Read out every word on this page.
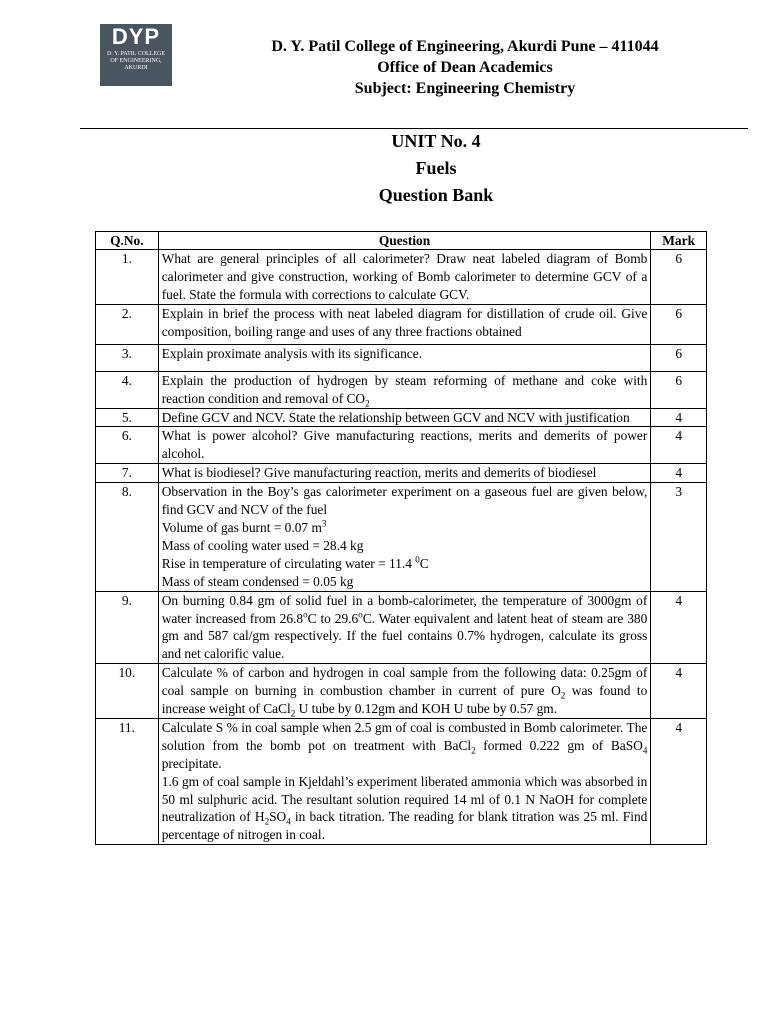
DYP
D. Y. PATIL COLLEGE OF ENGINEERING, AKURDI
D. Y. Patil College of Engineering, Akurdi Pune – 411044
Office of Dean Academics
Subject: Engineering Chemistry
UNIT No. 4
Fuels
Question Bank
Q.No.	Question	Mark
1.	What are general principles of all calorimeter? Draw neat labeled diagram of Bomb calorimeter and give construction, working of Bomb calorimeter to determine GCV of a fuel. State the formula with corrections to calculate GCV.	6
2.	Explain in brief the process with neat labeled diagram for distillation of crude oil. Give composition, boiling range and uses of any three fractions obtained	6
3.	Explain proximate analysis with its significance.	6
4.	Explain the production of hydrogen by steam reforming of methane and coke with reaction condition and removal of $CO_2$	6
5.	Define GCV and NCV. State the relationship between GCV and NCV with justification	4
6.	What is power alcohol? Give manufacturing reactions, merits and demerits of power alcohol.	4
7.	What is biodiesel? Give manufacturing reaction, merits and demerits of biodiesel	4
8.	Observation in the Boy’s gas calorimeter experiment on a gaseous fuel are given below, find GCV and NCV of the fuel
Volume of gas burnt = 0.07 $m^3$
Mass of cooling water used = 28.4 kg
Rise in temperature of circulating water = 11.4 $^0$C
Mass of steam condensed = 0.05 kg	3
9.	On burning 0.84 gm of solid fuel in a bomb-calorimeter, the temperature of 3000gm of water increased from 26.8$^o$C to 29.6$^o$C. Water equivalent and latent heat of steam are 380 gm and 587 cal/gm respectively. If the fuel contains 0.7% hydrogen, calculate its gross and net calorific value.	4
10.	Calculate % of carbon and hydrogen in coal sample from the following data: 0.25gm of coal sample on burning in combustion chamber in current of pure $O_2$ was found to increase weight of CaCl$_2$ U tube by 0.12gm and KOH U tube by 0.57 gm.	4
11.	Calculate S % in coal sample when 2.5 gm of coal is combusted in Bomb calorimeter. The solution from the bomb pot on treatment with BaCl$_2$ formed 0.222 gm of BaSO$_4$ precipitate.
1.6 gm of coal sample in Kjeldahl’s experiment liberated ammonia which was absorbed in 50 ml sulphuric acid. The resultant solution required 14 ml of 0.1 N NaOH for complete neutralization of $H_2SO_4$ in back titration. The reading for blank titration was 25 ml. Find percentage of nitrogen in coal.	4
